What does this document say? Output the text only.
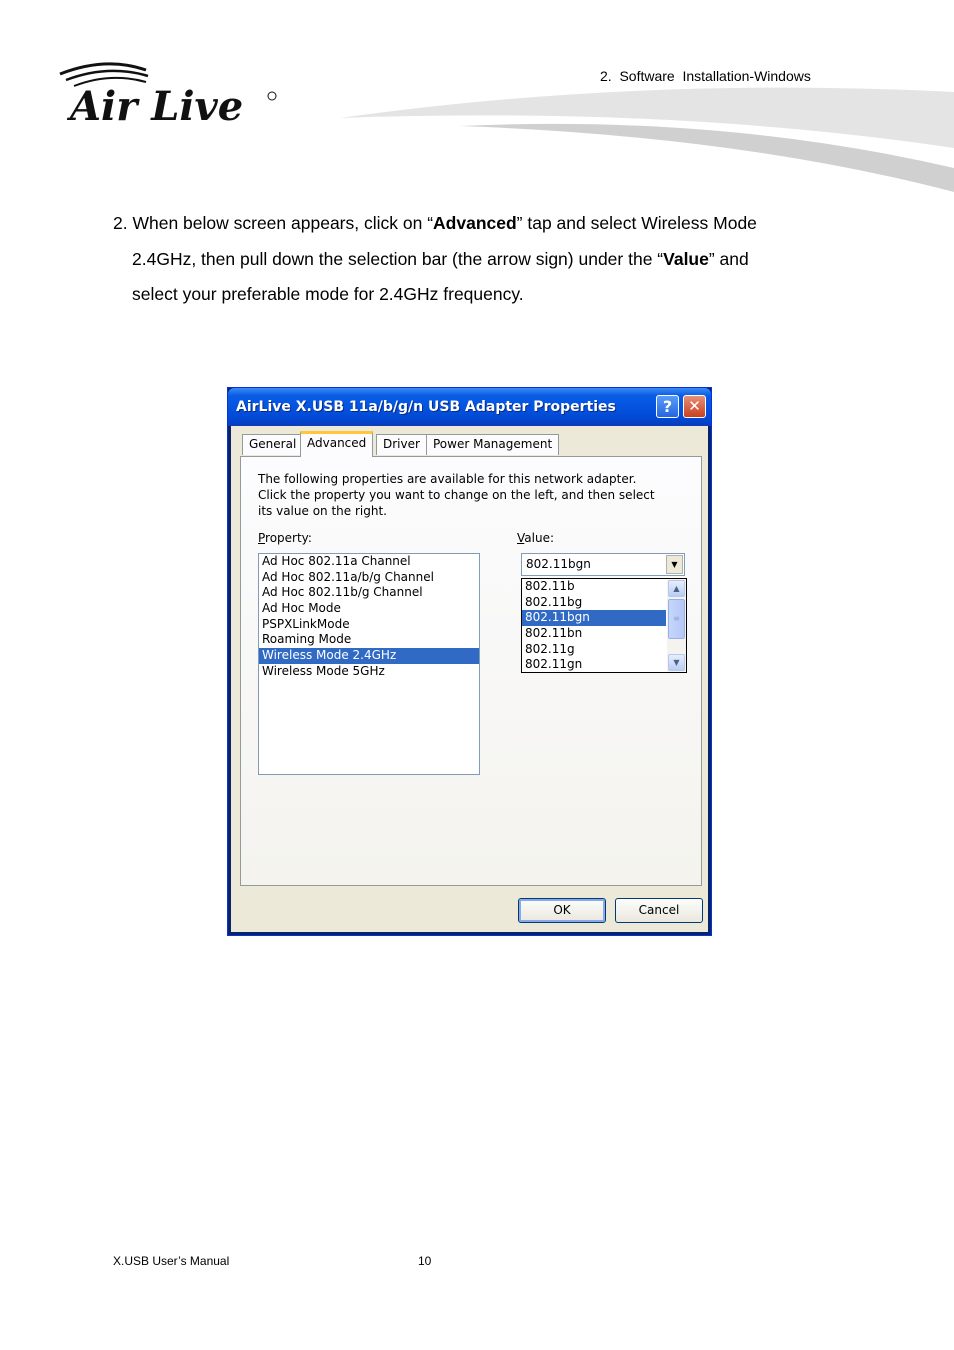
Air Live
2.  Software  Installation-Windows
2. When below screen appears, click on “Advanced” tap and select Wireless Mode
2.4GHz, then pull down the selection bar (the arrow sign) under the “Value” and
select your preferable mode for 2.4GHz frequency.
AirLive X.USB 11a/b/g/n USB Adapter Properties	?	✕
General Advanced	Driver	Power Management
The following properties are available for this network adapter. Click the property you want to change on the left, and then select its value on the right.
Property:	Value:
Ad Hoc 802.11a Channel
Ad Hoc 802.11a/b/g Channel
Ad Hoc 802.11b/g Channel
Ad Hoc Mode
PSPXLinkMode
Roaming Mode
Wireless Mode 2.4GHz
Wireless Mode 5GHz
802.11bgn	▼
802.11b
802.11bg
802.11bgn
802.11bn
802.11g
802.11gn
▲
≡
▼
OK	Cancel
X.USB User’s Manual	10
